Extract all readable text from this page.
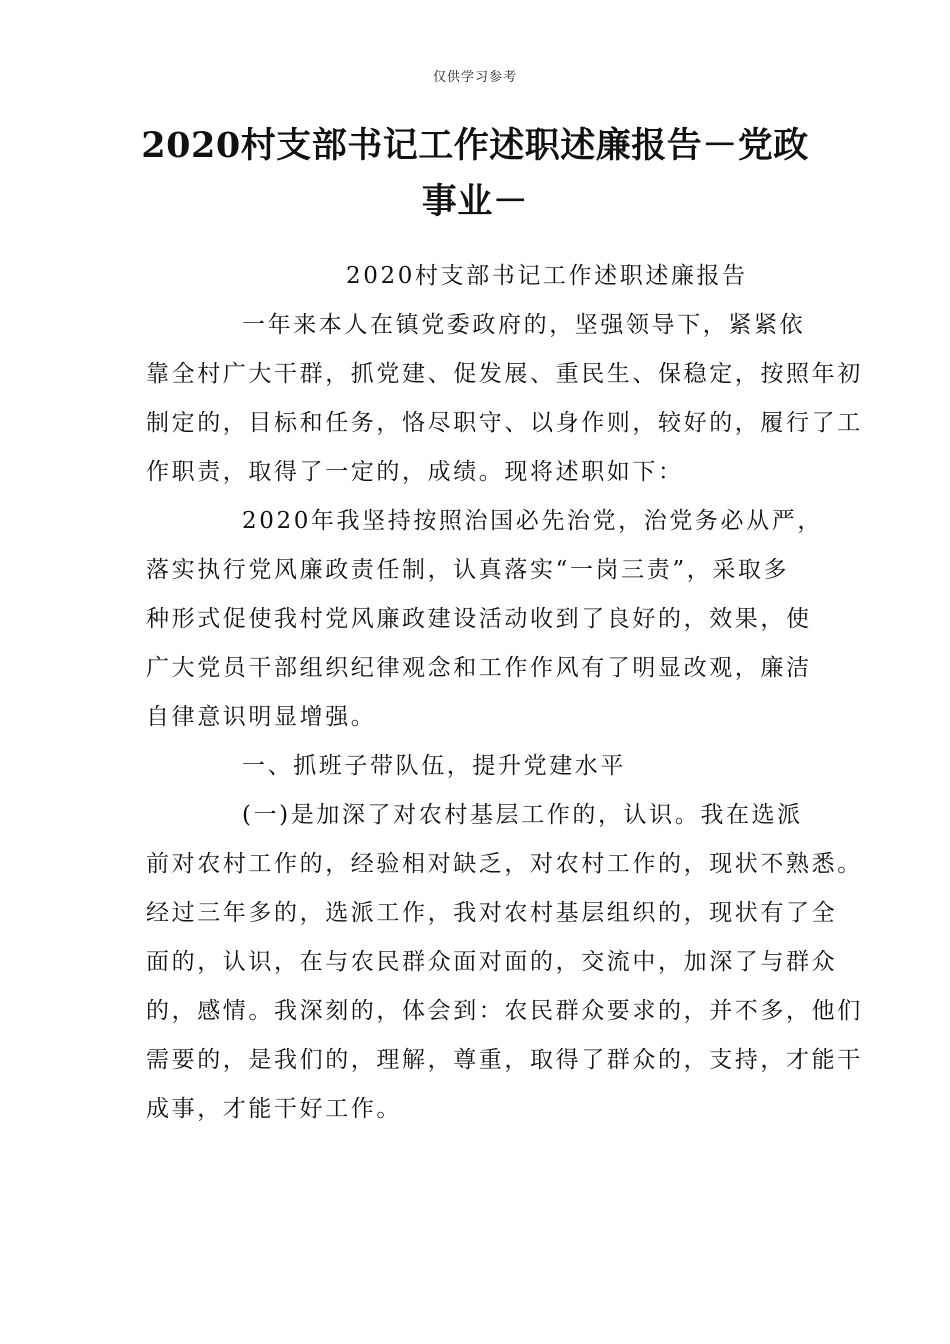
仅供学习参考
2020村支部书记工作述职述廉报告－党政
事业－
2020村支部书记工作述职述廉报告
一年来本人在镇党委政府的，坚强领导下，紧紧依
靠全村广大干群，抓党建、促发展、重民生、保稳定，按照年初
制定的，目标和任务，恪尽职守、以身作则，较好的，履行了工
作职责，取得了一定的，成绩。现将述职如下：
2020年我坚持按照治国必先治党，治党务必从严，
落实执行党风廉政责任制，认真落实“一岗三责”，采取多
种形式促使我村党风廉政建设活动收到了良好的，效果，使
广大党员干部组织纪律观念和工作作风有了明显改观，廉洁
自律意识明显增强。
一、抓班子带队伍，提升党建水平
(一)是加深了对农村基层工作的，认识。我在选派
前对农村工作的，经验相对缺乏，对农村工作的，现状不熟悉。
经过三年多的，选派工作，我对农村基层组织的，现状有了全
面的，认识，在与农民群众面对面的，交流中，加深了与群众
的，感情。我深刻的，体会到：农民群众要求的，并不多，他们
需要的，是我们的，理解，尊重，取得了群众的，支持，才能干
成事，才能干好工作。
